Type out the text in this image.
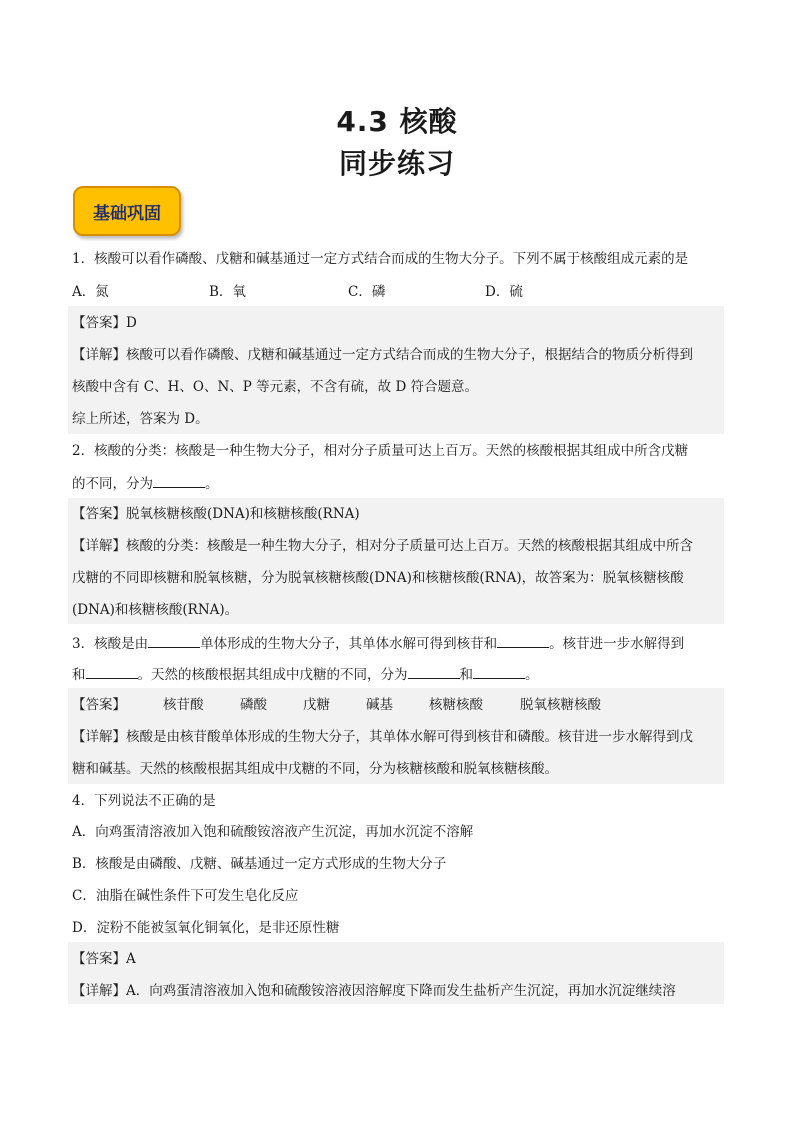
4.3 核酸
同步练习
基础巩固
1．核酸可以看作磷酸、戊糖和碱基通过一定方式结合而成的生物大分子。下列不属于核酸组成元素的是
A．氮	B．氧	C．磷	D．硫
【答案】D
【详解】核酸可以看作磷酸、戊糖和碱基通过一定方式结合而成的生物大分子，根据结合的物质分析得到
核酸中含有 C、H、O、N、P 等元素，不含有硫，故 D 符合题意。
综上所述，答案为 D。
2．核酸的分类：核酸是一种生物大分子，相对分子质量可达上百万。天然的核酸根据其组成中所含戊糖
的不同，分为	。
【答案】脱氧核糖核酸(DNA)和核糖核酸(RNA)
【详解】核酸的分类：核酸是一种生物大分子，相对分子质量可达上百万。天然的核酸根据其组成中所含
戊糖的不同即核糖和脱氧核糖，分为脱氧核糖核酸(DNA)和核糖核酸(RNA)，故答案为：脱氧核糖核酸
(DNA)和核糖核酸(RNA)。
3．核酸是由	单体形成的生物大分子，其单体水解可得到核苷和	。核苷进一步水解得到
和	。天然的核酸根据其组成中戊糖的不同，分为	和	。
【答案】	核苷酸	磷酸	戊糖	碱基	核糖核酸	脱氧核糖核酸
【详解】核酸是由核苷酸单体形成的生物大分子，其单体水解可得到核苷和磷酸。核苷进一步水解得到戊
糖和碱基。天然的核酸根据其组成中戊糖的不同，分为核糖核酸和脱氧核糖核酸。
4．下列说法不正确的是
A．向鸡蛋清溶液加入饱和硫酸铵溶液产生沉淀，再加水沉淀不溶解
B．核酸是由磷酸、戊糖、碱基通过一定方式形成的生物大分子
C．油脂在碱性条件下可发生皂化反应
D．淀粉不能被氢氧化铜氧化，是非还原性糖
【答案】A
【详解】A．向鸡蛋清溶液加入饱和硫酸铵溶液因溶解度下降而发生盐析产生沉淀，再加水沉淀继续溶
